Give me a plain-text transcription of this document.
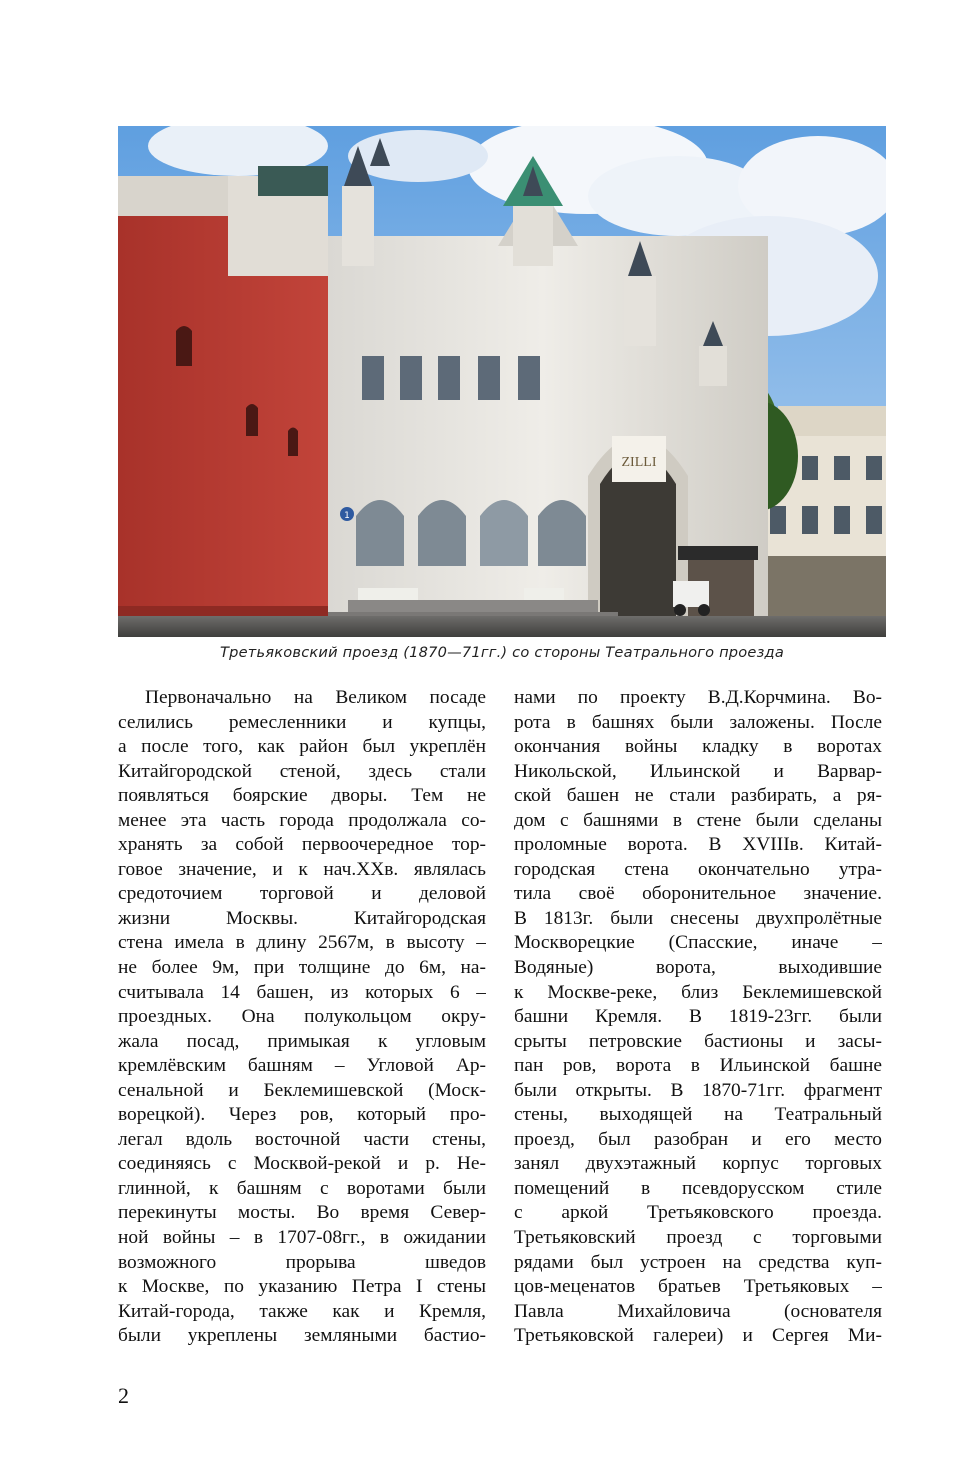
ZILLI
1
Третьяковский проезд (1870—71гг.) со стороны Театрального проезда
Первоначально на Великом посаде
селились ремесленники и купцы,
а после того, как район был укреплён
Китайгородской стеной, здесь стали
появляться боярские дворы. Тем не
менее эта часть города продолжала со-
хранять за собой первоочередное тор-
говое значение, и к нач.XXв. являлась
средоточием торговой и деловой
жизни Москвы. Китайгородская
стена имела в длину 2567м, в высоту –
не более 9м, при толщине до 6м, на-
считывала 14 башен, из которых 6 –
проездных. Она полукольцом окру-
жала посад, примыкая к угловым
кремлёвским башням – Угловой Ар-
сенальной и Беклемишевской (Моск-
ворецкой). Через ров, который про-
легал вдоль восточной части стены,
соединяясь с Москвой-рекой и р. Не-
глинной, к башням с воротами были
перекинуты мосты. Во время Север-
ной войны – в 1707-08гг., в ожидании
возможного прорыва шведов
к Москве, по указанию Петра I стены
Китай-города, также как и Кремля,
были укреплены земляными бастио-
нами по проекту В.Д.Корчмина. Во-
рота в башнях были заложены. После
окончания войны кладку в воротах
Никольской, Ильинской и Варвар-
ской башен не стали разбирать, а ря-
дом с башнями в стене были сделаны
проломные ворота. В XVIIIв. Китай-
городская стена окончательно утра-
тила своё оборонительное значение.
В 1813г. были снесены двухпролётные
Москворецкие (Спасские, иначе –
Водяные) ворота, выходившие
к Москве-реке, близ Беклемишевской
башни Кремля. В 1819-23гг. были
срыты петровские бастионы и засы-
пан ров, ворота в Ильинской башне
были открыты. В 1870-71гг. фрагмент
стены, выходящей на Театральный
проезд, был разобран и его место
занял двухэтажный корпус торговых
помещений в псевдорусском стиле
с аркой Третьяковского проезда.
Третьяковский проезд с торговыми
рядами был устроен на средства куп-
цов-меценатов братьев Третьяковых –
Павла Михайловича (основателя
Третьяковской галереи) и Сергея Ми-
2
